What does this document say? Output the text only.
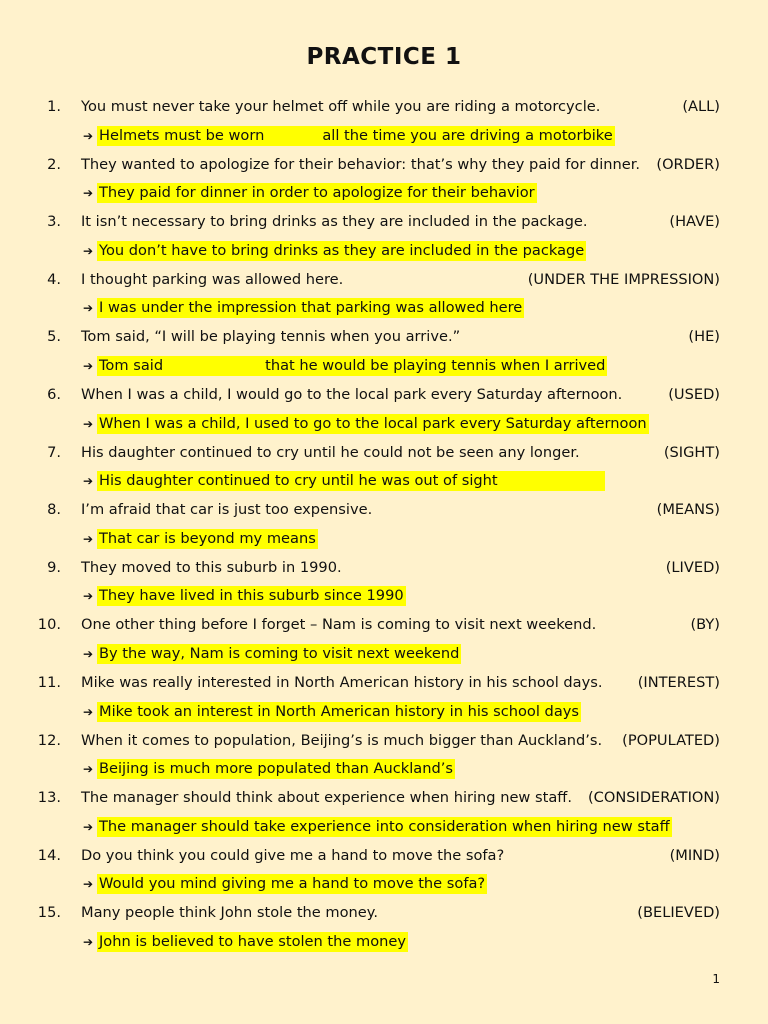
PRACTICE 1
1. You must never take your helmet off while you are riding a motorcycle.	(ALL)
➔ Helmets must be worn	all the time you are driving a motorbike
2. They wanted to apologize for their behavior: that’s why they paid for dinner. (ORDER)
➔ They paid for dinner in order to apologize for their behavior
3. It isn’t necessary to bring drinks as they are included in the package.	(HAVE)
➔ You don’t have to bring drinks as they are included in the package
4. I thought parking was allowed here.	(UNDER THE IMPRESSION)
➔ I was under the impression that parking was allowed here
5. Tom said, “I will be playing tennis when you arrive.”	(HE)
➔ Tom said	that he would be playing tennis when I arrived
6. When I was a child, I would go to the local park every Saturday afternoon.	(USED)
➔ When I was a child, I used to go to the local park every Saturday afternoon
7. His daughter continued to cry until he could not be seen any longer.	(SIGHT)
➔ His daughter continued to cry until he was out of sight
8. I’m afraid that car is just too expensive.	(MEANS)
➔ That car is beyond my means
9. They moved to this suburb in 1990.	(LIVED)
➔ They have lived in this suburb since 1990
10. One other thing before I forget – Nam is coming to visit next weekend.	(BY)
➔ By the way, Nam is coming to visit next weekend
11. Mike was really interested in North American history in his school days. (INTEREST)
➔ Mike took an interest in North American history in his school days
12. When it comes to population, Beijing’s is much bigger than Auckland’s. (POPULATED)
➔ Beijing is much more populated than Auckland’s
13. The manager should think about experience when hiring new staff. (CONSIDERATION)
➔ The manager should take experience into consideration when hiring new staff
14. Do you think you could give me a hand to move the sofa?	(MIND)
➔ Would you mind giving me a hand to move the sofa?
15. Many people think John stole the money.	(BELIEVED)
➔ John is believed to have stolen the money
1
